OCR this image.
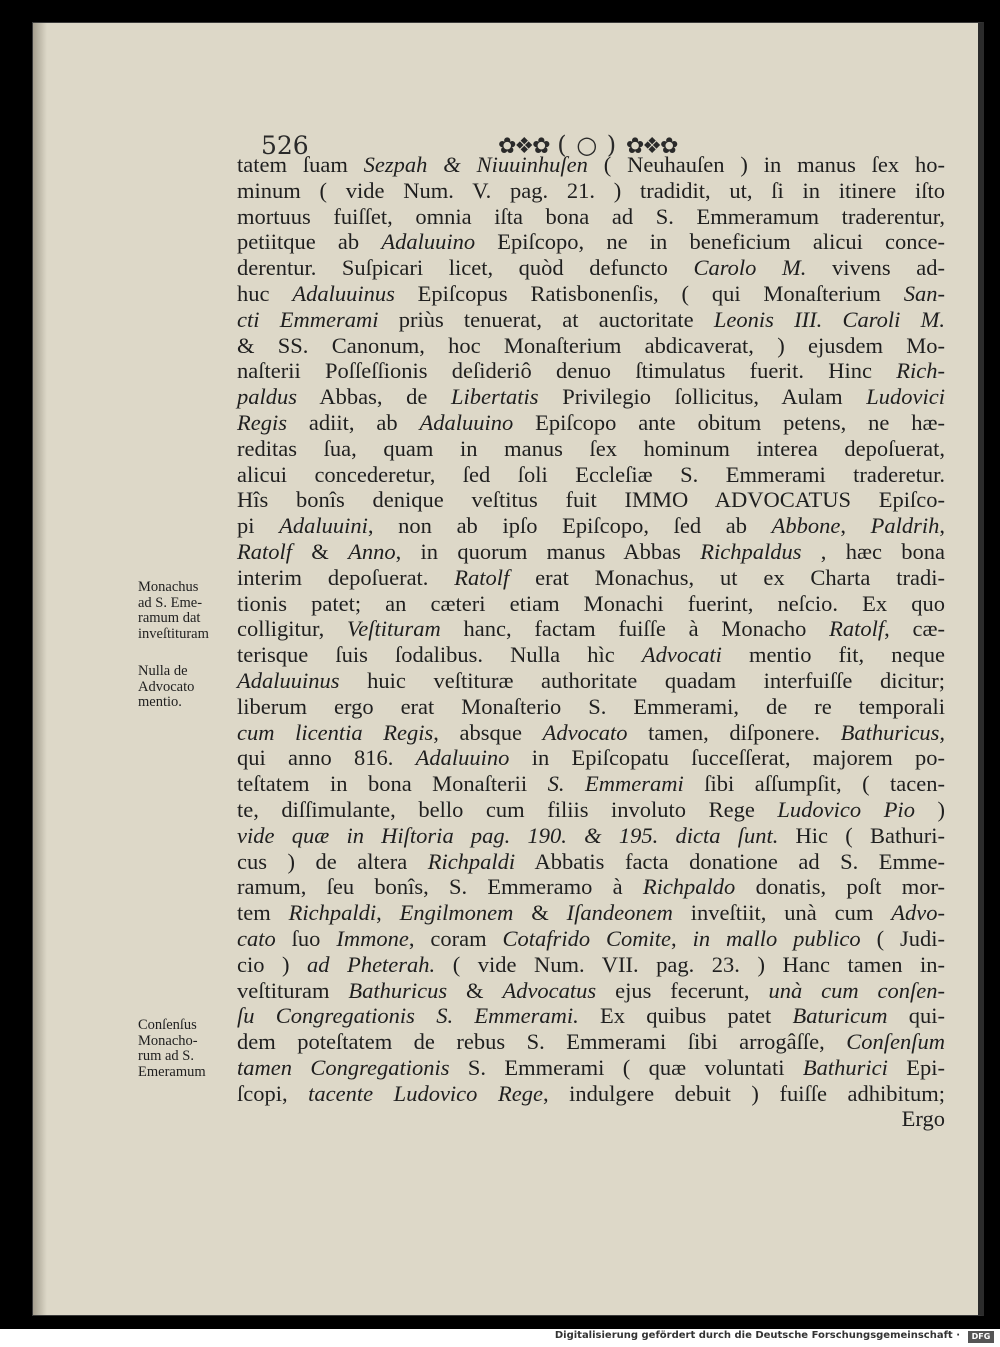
526	✿❖✿ ( ○ ) ✿❖✿
tatem ſuam Sezpah & Niuuinhuſen ( Neuhauſen ) in manus ſex ho-
minum ( vide Num. V. pag. 21. ) tradidit, ut, ſi in itinere iſto
mortuus fuiſſet, omnia iſta bona ad S. Emmeramum traderentur,
petiitque ab Adaluuino Epiſcopo, ne in beneficium alicui conce-
derentur. Suſpicari licet, quòd defuncto Carolo M. vivens ad-
huc Adaluuinus Epiſcopus Ratisbonenſis, ( qui Monaſterium San-
cti Emmerami priùs tenuerat, at auctoritate Leonis III. Caroli M.
& SS. Canonum, hoc Monaſterium abdicaverat, ) ejusdem Mo-
naſterii Poſſeſſionis deſideriô denuo ſtimulatus fuerit. Hinc Rich-
paldus Abbas, de Libertatis Privilegio ſollicitus, Aulam Ludovici
Regis adiit, ab Adaluuino Epiſcopo ante obitum petens, ne hæ-
reditas ſua, quam in manus ſex hominum interea depoſuerat,
alicui concederetur, ſed ſoli Eccleſiæ S. Emmerami traderetur.
Hîs bonîs denique veſtitus fuit IMMO ADVOCATUS Epiſco-
pi Adaluuini, non ab ipſo Epiſcopo, ſed ab Abbone, Paldrih,
Ratolf & Anno, in quorum manus Abbas Richpaldus , hæc bona
interim depoſuerat. Ratolf erat Monachus, ut ex Charta tradi-
tionis patet; an cæteri etiam Monachi fuerint, neſcio. Ex quo
colligitur, Veſtituram hanc, factam fuiſſe à Monacho Ratolf, cæ-
terisque ſuis ſodalibus. Nulla hìc Advocati mentio fit, neque
Adaluuinus huic veſtituræ authoritate quadam interfuiſſe dicitur;
liberum ergo erat Monaſterio S. Emmerami, de re temporali
cum licentia Regis, absque Advocato tamen, diſponere. Bathuricus,
qui anno 816. Adaluuino in Epiſcopatu ſucceſſerat, majorem po-
teſtatem in bona Monaſterii S. Emmerami ſibi aſſumpſit, ( tacen-
te, diſſimulante, bello cum filiis involuto Rege Ludovico Pio )
vide quæ in Hiſtoria pag. 190. & 195. dicta ſunt. Hic ( Bathuri-
cus ) de altera Richpaldi Abbatis facta donatione ad S. Emme-
ramum, ſeu bonîs, S. Emmeramo à Richpaldo donatis, poſt mor-
tem Richpaldi, Engilmonem & Iſandeonem inveſtiit, unà cum Advo-
cato ſuo Immone, coram Cotafrido Comite, in mallo publico ( Judi-
cio ) ad Pheterah. ( vide Num. VII. pag. 23. ) Hanc tamen in-
veſtituram Bathuricus & Advocatus ejus fecerunt, unà cum conſen-
ſu Congregationis S. Emmerami. Ex quibus patet Baturicum qui-
dem poteſtatem de rebus S. Emmerami ſibi arrogâſſe, Conſenſum
tamen Congregationis S. Emmerami ( quæ voluntati Bathurici Epi-
ſcopi, tacente Ludovico Rege, indulgere debuit ) fuiſſe adhibitum;
Ergo
Monachus
ad S. Eme-
ramum dat
inveſtituram
Nulla de
Advocato
mentio.
Conſenſus
Monacho-
rum ad S.
Emeramum
Digitalisierung gefördert durch die Deutsche Forschungsgemeinschaft ·	DFG
